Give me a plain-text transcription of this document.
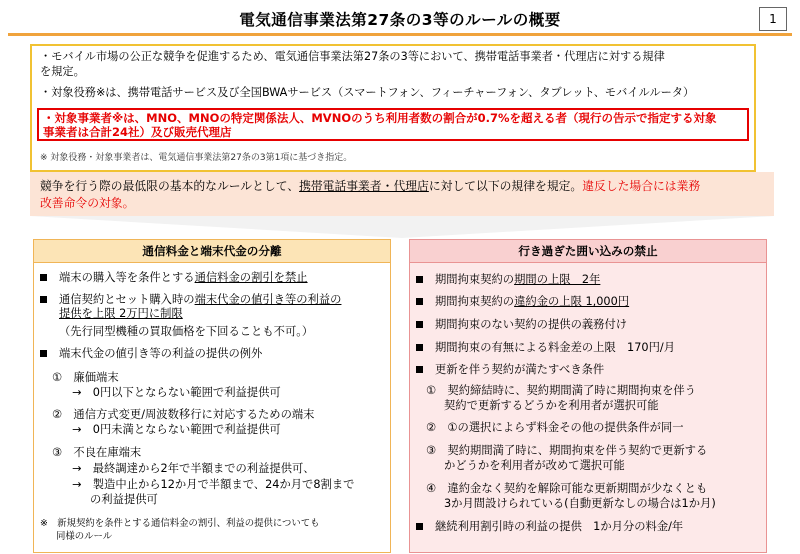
電気通信事業法第27条の3等のルールの概要	1
・モバイル市場の公正な競争を促進するため、電気通信事業法第27条の3等において、携帯電話事業者・代理店に対する規律
を規定。
・対象役務※は、携帯電話サービス及び全国BWAサービス（スマートフォン、フィーチャーフォン、タブレット、モバイルルータ）
・対象事業者※は、MNO、MNOの特定関係法人、MVNOのうち利用者数の割合が0.7%を超える者（現行の告示で指定する対象
事業者は合計24社）及び販売代理店
※ 対象役務・対象事業者は、電気通信事業法第27条の3第1項に基づき指定。
競争を行う際の最低限の基本的なルールとして、携帯電話事業者・代理店に対して以下の規律を規定。違反した場合には業務
改善命令の対象。
通信料金と端末代金の分離
端末の購入等を条件とする通信料金の割引を禁止
通信契約とセット購入時の端末代金の値引き等の利益の
提供を上限 2万円に制限
（先行同型機種の買取価格を下回ることも不可。）
端末代金の値引き等の利益の提供の例外
①　廉価端末
→　0円以下とならない範囲で利益提供可
②　通信方式変更/周波数移行に対応するための端末
→　0円未満とならない範囲で利益提供可
③　不良在庫端末
→　最終調達から2年で半額までの利益提供可、
→　製造中止から12か月で半額まで、24か月で8割まで
の利益提供可
※　新規契約を条件とする通信料金の割引、利益の提供についても
同様のルール
行き過ぎた囲い込みの禁止
期間拘束契約の期間の上限　2年
期間拘束契約の違約金の上限 1,000円
期間拘束のない契約の提供の義務付け
期間拘束の有無による料金差の上限　170円/月
更新を伴う契約が満たすべき条件
①　契約締結時に、契約期間満了時に期間拘束を伴う
契約で更新するどうかを利用者が選択可能
②　①の選択によらず料金その他の提供条件が同一
③　契約期間満了時に、期間拘束を伴う契約で更新する
かどうかを利用者が改めて選択可能
④　違約金なく契約を解除可能な更新期間が少なくとも
3か月間設けられている(自動更新なしの場合は1か月)
継続利用割引時の利益の提供　1か月分の料金/年
